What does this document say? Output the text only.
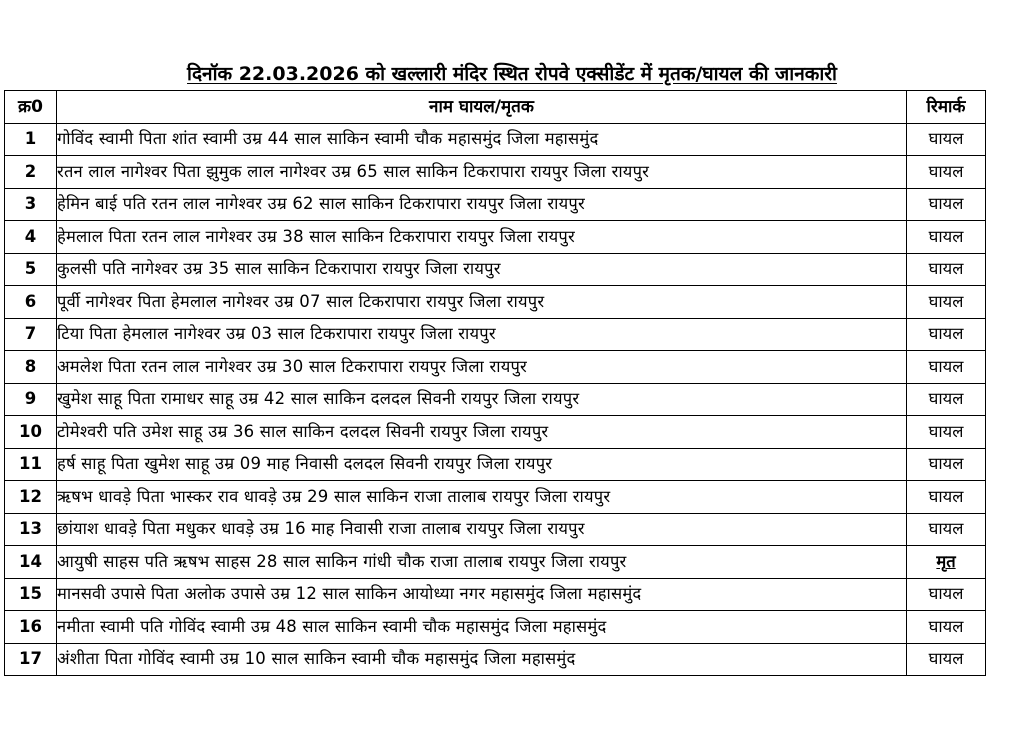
दिनॉक 22.03.2026 को खल्लारी मंदिर स्थित रोपवे एक्सीडेंट में मृतक/घायल की जानकारी
क्र0	नाम घायल/मृतक	रिमार्क
1	गोविंद स्वामी पिता शांत स्वामी उम्र 44 साल साकिन स्वामी चौक महासमुंद जिला महासमुंद	घायल
2	रतन लाल नागेश्वर पिता झुमुक लाल नागेश्वर उम्र 65 साल साकिन टिकरापारा रायपुर जिला रायपुर	घायल
3	हेमिन बाई पति रतन लाल नागेश्वर उम्र 62 साल साकिन टिकरापारा रायपुर जिला रायपुर	घायल
4	हेमलाल पिता रतन लाल नागेश्वर उम्र 38 साल साकिन टिकरापारा रायपुर जिला रायपुर	घायल
5	कुलसी पति नागेश्वर उम्र 35 साल साकिन टिकरापारा रायपुर जिला रायपुर	घायल
6	पूर्वी नागेश्वर पिता हेमलाल नागेश्वर उम्र 07 साल टिकरापारा रायपुर जिला रायपुर	घायल
7	टिया पिता हेमलाल नागेश्वर उम्र 03 साल टिकरापारा रायपुर जिला रायपुर	घायल
8	अमलेश पिता रतन लाल नागेश्वर उम्र 30 साल टिकरापारा रायपुर जिला रायपुर	घायल
9	खुमेश साहू पिता रामाधर साहू उम्र 42 साल साकिन दलदल सिवनी रायपुर जिला रायपुर	घायल
10	टोमेश्वरी पति उमेश साहू उम्र 36 साल साकिन दलदल सिवनी रायपुर जिला रायपुर	घायल
11	हर्ष साहू पिता खुमेश साहू उम्र 09 माह निवासी दलदल सिवनी रायपुर जिला रायपुर	घायल
12	ऋषभ धावड़े पिता भास्कर राव धावड़े उम्र 29 साल साकिन राजा तालाब रायपुर जिला रायपुर	घायल
13	छांयाश धावड़े पिता मधुकर धावड़े उम्र 16 माह निवासी राजा तालाब रायपुर जिला रायपुर	घायल
14	आयुषी साहस पति ऋषभ साहस 28 साल साकिन गांधी चौक राजा तालाब रायपुर जिला रायपुर	मृत
15	मानसवी उपासे पिता अलोक उपासे उम्र 12 साल साकिन आयोध्या नगर महासमुंद जिला महासमुंद	घायल
16	नमीता स्वामी पति गोविंद स्वामी उम्र 48 साल साकिन स्वामी चौक महासमुंद जिला महासमुंद	घायल
17	अंशीता पिता गोविंद स्वामी उम्र 10 साल साकिन स्वामी चौक महासमुंद जिला महासमुंद	घायल
